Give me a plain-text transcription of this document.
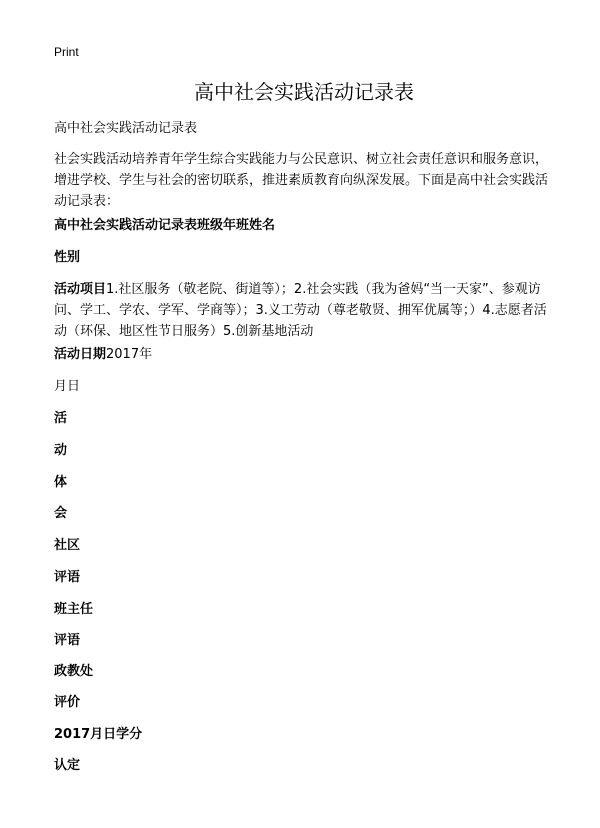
Print
高中社会实践活动记录表

高中社会实践活动记录表

社会实践活动培养青年学生综合实践能力与公民意识、树立社会责任意识和服务意识，增进学校、学生与社会的密切联系，推进素质教育向纵深发展。下面是高中社会实践活动记录表：

高中社会实践活动记录表班级年班姓名

性别

活动项目1.社区服务（敬老院、街道等）；2.社会实践（我为爸妈“当一天家”、参观访问、学工、学农、学军、学商等）；3.义工劳动（尊老敬贤、拥军优属等；）4.志愿者活动（环保、地区性节日服务）5.创新基地活动

活动日期2017年

月日

活

动

体

会

社区

评语

班主任

评语

政教处

评价

2017月日学分

认定
